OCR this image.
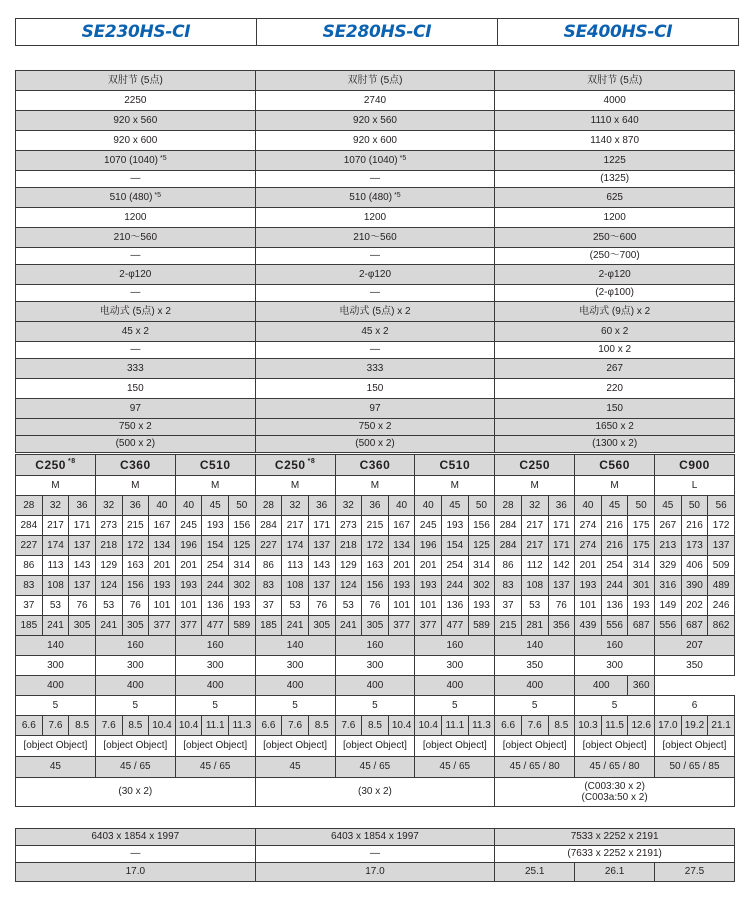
SE230HS-CI	SE280HS-CI	SE400HS-CI
双肘节 (5点)	双肘节 (5点)	双肘节 (5点)
2250	2740	4000
920 x 560	920 x 560	1110 x 640
920 x 600	920 x 600	1140 x 870
1070 (1040) $^{*5}$	1070 (1040) $^{*5}$	1225
—	—	(1325)
510 (480) $^{*5}$	510 (480) $^{*5}$	625
1200	1200	1200
210～560	210～560	250～600
—	—	(250～700)
2-φ120	2-φ120	2-φ120
—	—	(2-φ100)
电动式 (5点) x 2	电动式 (5点) x 2	电动式 (9点) x 2
45 x 2	45 x 2	60 x 2
—	—	100 x 2
333	333	267
150	150	220
97	97	150
750 x 2	750 x 2	1650 x 2
(500 x 2)	(500 x 2)	(1300 x 2)
C250 $^{*8}$			C360			C510			C250 $^{*8}$			C360			C510			C250			C560			C900		
M			M			M			M			M			M			M			M			L		
28	32	36	32	36	40	40	45	50	28	32	36	32	36	40	40	45	50	28	32	36	40	45	50	45	50	56
284	217	171	273	215	167	245	193	156	284	217	171	273	215	167	245	193	156	284	217	171	274	216	175	267	216	172
227	174	137	218	172	134	196	154	125	227	174	137	218	172	134	196	154	125	284	217	171	274	216	175	213	173	137
86	113	143	129	163	201	201	254	314	86	113	143	129	163	201	201	254	314	86	112	142	201	254	314	329	406	509
83	108	137	124	156	193	193	244	302	83	108	137	124	156	193	193	244	302	83	108	137	193	244	301	316	390	489
37	53	76	53	76	101	101	136	193	37	53	76	53	76	101	101	136	193	37	53	76	101	136	193	149	202	246
185	241	305	241	305	377	377	477	589	185	241	305	241	305	377	377	477	589	215	281	356	439	556	687	556	687	862
140			160			160			140			160			160			140			160			207		
300			300			300			300			300			300			350			300			350		
400			400			400			400			400			400			400			400		360			
5			5			5			5			5			5			5			5			6		
6.6	7.6	8.5	7.6	8.5	10.4	10.4	11.1	11.3	6.6	7.6	8.5	7.6	8.5	10.4	10.4	11.1	11.3	6.6	7.6	8.5	10.3	11.5	12.6	17.0	19.2	21.1
[object Object]			[object Object]			[object Object]			[object Object]			[object Object]			[object Object]			[object Object]			[object Object]			[object Object]		
45			45 / 65			45 / 65			45			45 / 65			45 / 65			45 / 65 / 80			45 / 65 / 80			50 / 65 / 85		
(30 x 2)									(30 x 2)									(C003:30 x 2)
(C003a:50 x 2)								
6403 x 1854 x 1997	6403 x 1854 x 1997	7533 x 2252 x 2191		
—	—	(7633 x 2252 x 2191)		
17.0	17.0	25.1	26.1	27.5
